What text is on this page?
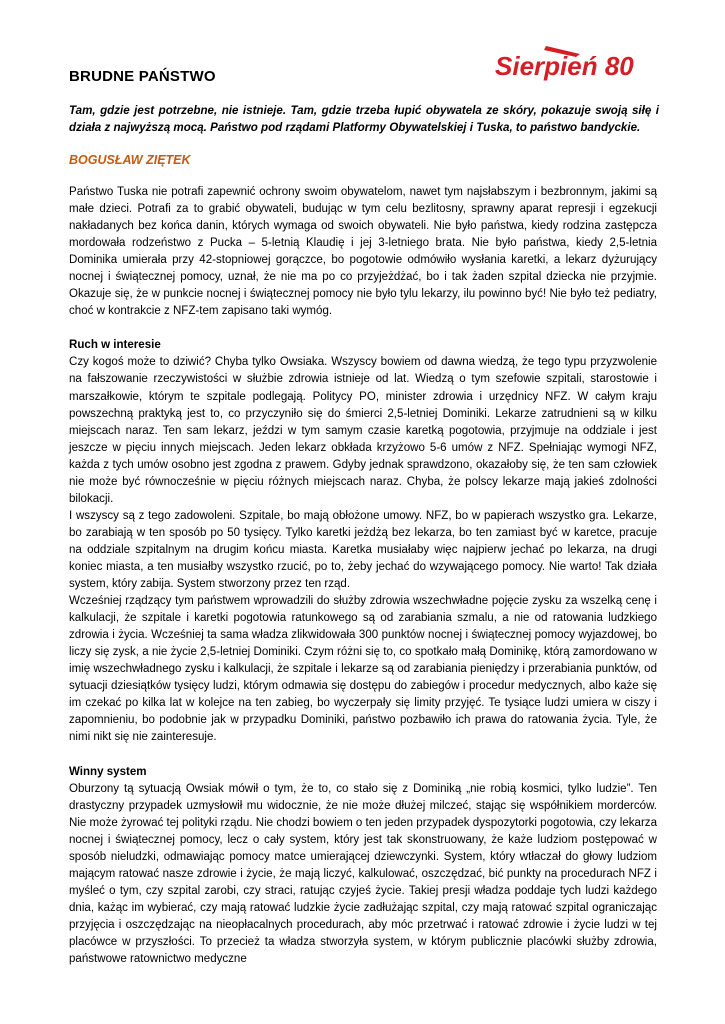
Sierpień 80
BRUDNE PAŃSTWO

Tam, gdzie jest potrzebne, nie istnieje. Tam, gdzie trzeba łupić obywatela ze skóry, pokazuje swoją siłę i działa z najwyższą mocą. Państwo pod rządami Platformy Obywatelskiej i Tuska, to państwo bandyckie.

BOGUSŁAW ZIĘTEK

Państwo Tuska nie potrafi zapewnić ochrony swoim obywatelom, nawet tym najsłabszym i bezbronnym, jakimi są małe dzieci. Potrafi za to grabić obywateli, budując w tym celu bezlitosny, sprawny aparat represji i egzekucji nakładanych bez końca danin, których wymaga od swoich obywateli. Nie było państwa, kiedy rodzina zastępcza mordowała rodzeństwo z Pucka – 5-letnią Klaudię i jej 3-letniego brata. Nie było państwa, kiedy 2,5-letnia Dominika umierała przy 42-stopniowej gorączce, bo pogotowie odmówiło wysłania karetki, a lekarz dyżurujący nocnej i świątecznej pomocy, uznał, że nie ma po co przyjeżdżać, bo i tak żaden szpital dziecka nie przyjmie. Okazuje się, że w punkcie nocnej i świątecznej pomocy nie było tylu lekarzy, ilu powinno być! Nie było też pediatry, choć w kontrakcie z NFZ-tem zapisano taki wymóg.

Ruch w interesie

Czy kogoś może to dziwić? Chyba tylko Owsiaka. Wszyscy bowiem od dawna wiedzą, że tego typu przyzwolenie na fałszowanie rzeczywistości w służbie zdrowia istnieje od lat. Wiedzą o tym szefowie szpitali, starostowie i marszałkowie, którym te szpitale podlegają. Politycy PO, minister zdrowia i urzędnicy NFZ. W całym kraju powszechną praktyką jest to, co przyczyniło się do śmierci 2,5-letniej Dominiki. Lekarze zatrudnieni są w kilku miejscach naraz. Ten sam lekarz, jeździ w tym samym czasie karetką pogotowia, przyjmuje na oddziale i jest jeszcze w pięciu innych miejscach. Jeden lekarz obkłada krzyżowo 5-6 umów z NFZ. Spełniając wymogi NFZ, każda z tych umów osobno jest zgodna z prawem. Gdyby jednak sprawdzono, okazałoby się, że ten sam człowiek nie może być równocześnie w pięciu różnych miejscach naraz. Chyba, że polscy lekarze mają jakieś zdolności bilokacji.

I wszyscy są z tego zadowoleni. Szpitale, bo mają obłożone umowy. NFZ, bo w papierach wszystko gra. Lekarze, bo zarabiają w ten sposób po 50 tysięcy. Tylko karetki jeżdżą bez lekarza, bo ten zamiast być w karetce, pracuje na oddziale szpitalnym na drugim końcu miasta. Karetka musiałaby więc najpierw jechać po lekarza, na drugi koniec miasta, a ten musiałby wszystko rzucić, po to, żeby jechać do wzywającego pomocy. Nie warto! Tak działa system, który zabija. System stworzony przez ten rząd.

Wcześniej rządzący tym państwem wprowadzili do służby zdrowia wszechwładne pojęcie zysku za wszelką cenę i kalkulacji, że szpitale i karetki pogotowia ratunkowego są od zarabiania szmalu, a nie od ratowania ludzkiego zdrowia i życia. Wcześniej ta sama władza zlikwidowała 300 punktów nocnej i świątecznej pomocy wyjazdowej, bo liczy się zysk, a nie życie 2,5-letniej Dominiki. Czym różni się to, co spotkało małą Dominikę, którą zamordowano w imię wszechwładnego zysku i kalkulacji, że szpitale i lekarze są od zarabiania pieniędzy i przerabiania punktów, od sytuacji dziesiątków tysięcy ludzi, którym odmawia się dostępu do zabiegów i procedur medycznych, albo każe się im czekać po kilka lat w kolejce na ten zabieg, bo wyczerpały się limity przyjęć. Te tysiące ludzi umiera w ciszy i zapomnieniu, bo podobnie jak w przypadku Dominiki, państwo pozbawiło ich prawa do ratowania życia. Tyle, że nimi nikt się nie zainteresuje.

Winny system

Oburzony tą sytuacją Owsiak mówił o tym, że to, co stało się z Dominiką „nie robią kosmici, tylko ludzie”. Ten drastyczny przypadek uzmysłowił mu widocznie, że nie może dłużej milczeć, stając się współnikiem morderców. Nie może żyrować tej polityki rządu. Nie chodzi bowiem o ten jeden przypadek dyspozytorki pogotowia, czy lekarza nocnej i świątecznej pomocy, lecz o cały system, który jest tak skonstruowany, że każe ludziom postępować w sposób nieludzki, odmawiając pomocy matce umierającej dziewczynki. System, który wtłaczał do głowy ludziom mającym ratować nasze zdrowie i życie, że mają liczyć, kalkulować, oszczędzać, bić punkty na procedurach NFZ i myśleć o tym, czy szpital zarobi, czy straci, ratując czyjeś życie. Takiej presji władza poddaje tych ludzi każdego dnia, każąc im wybierać, czy mają ratować ludzkie życie zadłużając szpital, czy mają ratować szpital ograniczając przyjęcia i oszczędzając na nieopłacalnych procedurach, aby móc przetrwać i ratować zdrowie i życie ludzi w tej placówce w przyszłości. To przecież ta władza stworzyła system, w którym publicznie placówki służby zdrowia, państwowe ratownictwo medyczne
